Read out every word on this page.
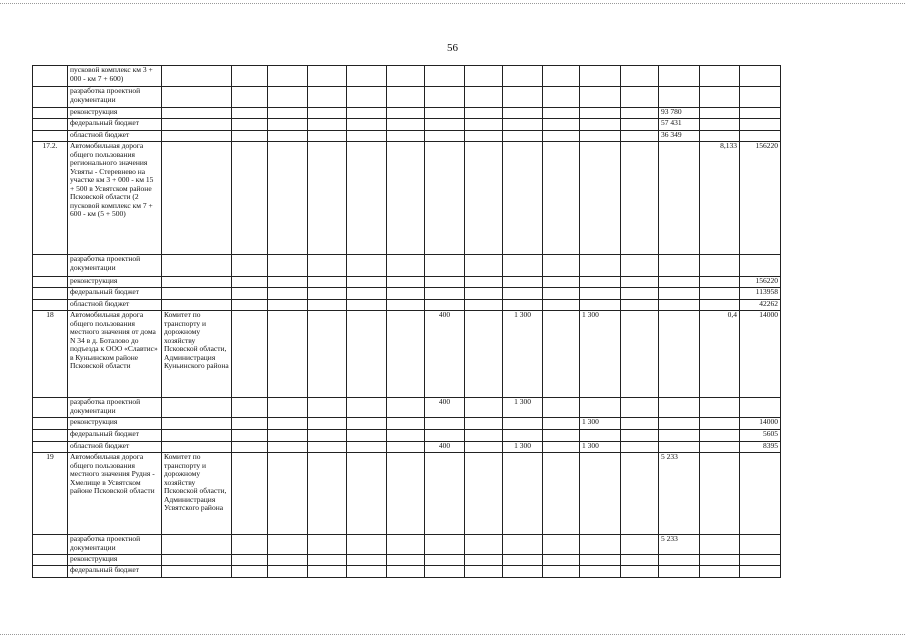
56
	пусковой комплекс км 3 + 000 - км 7 + 600)															
	разработка проектной документации															
	реконструкция													93 780		
	федеральный бюджет													57 431		
	областной бюджет													36 349		
17.2.	Автомобильная дорога общего пользования регионального значения Усвяты - Стеревнево на участке км 3 + 000 - км 15 + 500 в Усвятском районе Псковской области (2 пусковой комплекс км 7 + 600 - км (5 + 500)														8,133	156220
	разработка проектной документации															
	реконструкция															156220
	федеральный бюджет															113958
	областной бюджет															42262
18	Автомобильная дорога общего пользования местного значения от дома N 34 в д. Боталово до подъезда к ООО «Славтис» в Куньинском районе Псковской области	Комитет по транспорту и дорожному хозяйству Псковской области, Администрация Куньинского района						400		1 300		1 300			0,4	14000
	разработка проектной документации							400		1 300						
	реконструкция											1 300				14000
	федеральный бюджет															5605
	областной бюджет							400		1 300		1 300				8395
19	Автомобильная дорога общего пользования местного значения Рудня - Хмелище в Усвятском районе Псковской области	Комитет по транспорту и дорожному хозяйству Псковской области, Администрация Усвятского района												5 233		
	разработка проектной документации													5 233		
	реконструкция															
	федеральный бюджет															
